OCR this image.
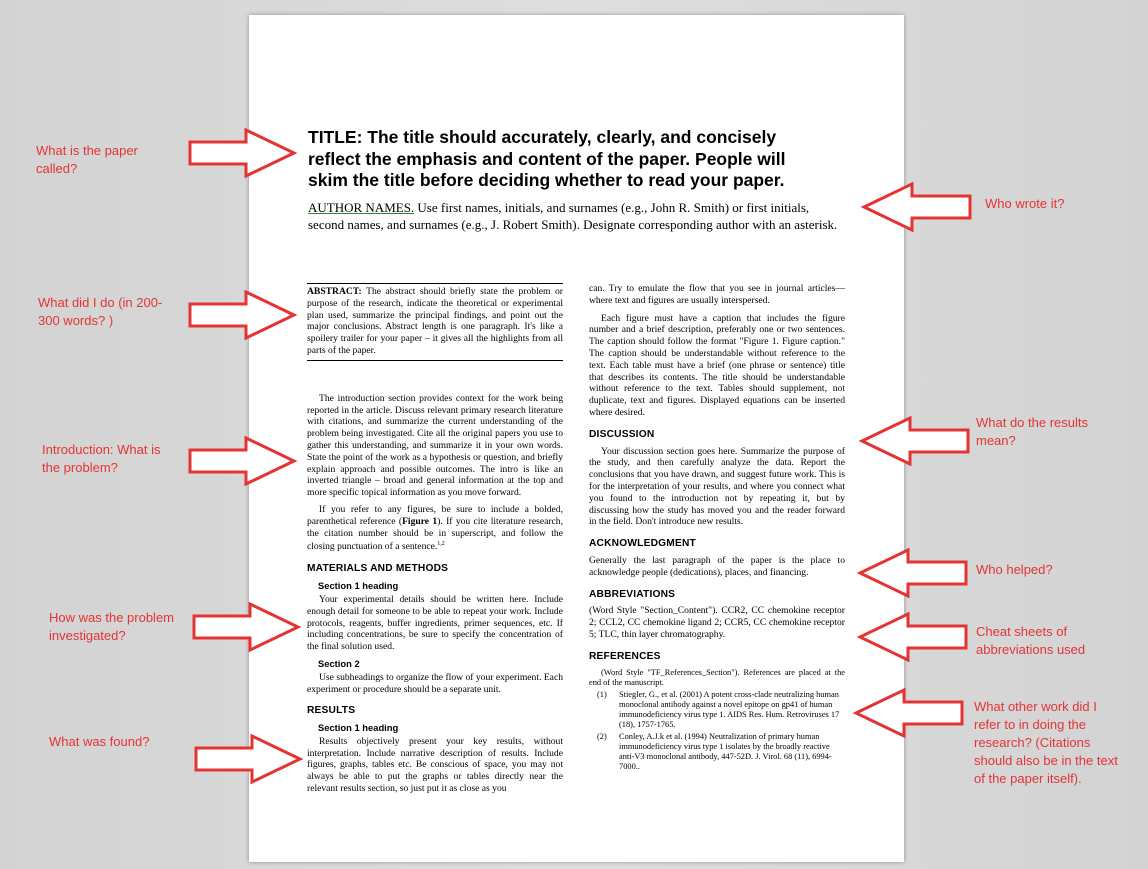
TITLE: The title should accurately, clearly, and concisely reflect the emphasis and content of the paper. People will skim the title before deciding whether to read your paper.
AUTHOR NAMES. Use first names, initials, and surnames (e.g., John R. Smith) or first initials, second names, and surnames (e.g., J. Robert Smith). Designate corresponding author with an asterisk.
ABSTRACT: The abstract should briefly state the problem or purpose of the research, indicate the theoretical or experimental plan used, summarize the principal findings, and point out the major conclusions. Abstract length is one paragraph. It's like a spoilery trailer for your paper – it gives all the highlights from all parts of the paper.

The introduction section provides context for the work being reported in the article. Discuss relevant primary research literature with citations, and summarize the current understanding of the problem being investigated. Cite all the original papers you use to gather this understanding, and summarize it in your own words. State the point of the work as a hypothesis or question, and briefly explain approach and possible outcomes. The intro is like an inverted triangle – broad and general information at the top and more specific topical information as you move forward.

If you refer to any figures, be sure to include a bolded, parenthetical reference (Figure 1). If you cite literature research, the citation number should be in superscript, and follow the closing punctuation of a sentence.$^{1,2}$

MATERIALS AND METHODS
Section 1 heading

Your experimental details should be written here. Include enough detail for someone to be able to repeat your work. Include protocols, reagents, buffer ingredients, primer sequences, etc. If including concentrations, be sure to specify the concentration of the final solution used.

Section 2

Use subheadings to organize the flow of your experiment. Each experiment or procedure should be a separate unit.

RESULTS
Section 1 heading

Results objectively present your key results, without interpretation. Include narrative description of results. Include figures, graphs, tables etc. Be conscious of space, you may not always be able to put the graphs or tables directly near the relevant results section, so just put it as close as you

can. Try to emulate the flow that you see in journal articles—where text and figures are usually interspersed.

Each figure must have a caption that includes the figure number and a brief description, preferably one or two sentences. The caption should follow the format "Figure 1. Figure caption." The caption should be understandable without reference to the text. Each table must have a brief (one phrase or sentence) title that describes its contents. The title should be understandable without reference to the text. Tables should supplement, not duplicate, text and figures. Displayed equations can be inserted where desired.

DISCUSSION

Your discussion section goes here. Summarize the purpose of the study, and then carefully analyze the data. Report the conclusions that you have drawn, and suggest future work. This is for the interpretation of your results, and where you connect what you found to the introduction not by repeating it, but by discussing how the study has moved you and the reader forward in the field. Don't introduce new results.

ACKNOWLEDGMENT

Generally the last paragraph of the paper is the place to acknowledge people (dedications), places, and financing.

ABBREVIATIONS

(Word Style "Section_Content"). CCR2, CC chemokine receptor 2; CCL2, CC chemokine ligand 2; CCR5, CC chemokine receptor 5; TLC, thin layer chromatography.

REFERENCES

(Word Style "TF_References_Section"). References are placed at the end of the manuscript.

(1)	Stiegler, G., et al. (2001) A potent cross-clade neutralizing human monoclonal antibody against a novel epitope on gp41 of human immunodeficiency virus type 1. AIDS Res. Hum. Retroviruses 17 (18), 1757-1765.
(2)	Conley, A.J.k et al. (1994) Neutralization of primary human immunodeficiency virus type 1 isolates by the broadly reactive anti-V3 monoclonal antibody, 447-52D. J. Virol. 68 (11), 6994-7000..
What is the paper called?
Who wrote it?
What did I do (in 200-300 words? )
Introduction: What is the problem?
How was the problem investigated?
What was found?
What do the results mean?
Who helped?
Cheat sheets of abbreviations used
What other work did I refer to in doing the research? (Citations should also be in the text of the paper itself).
